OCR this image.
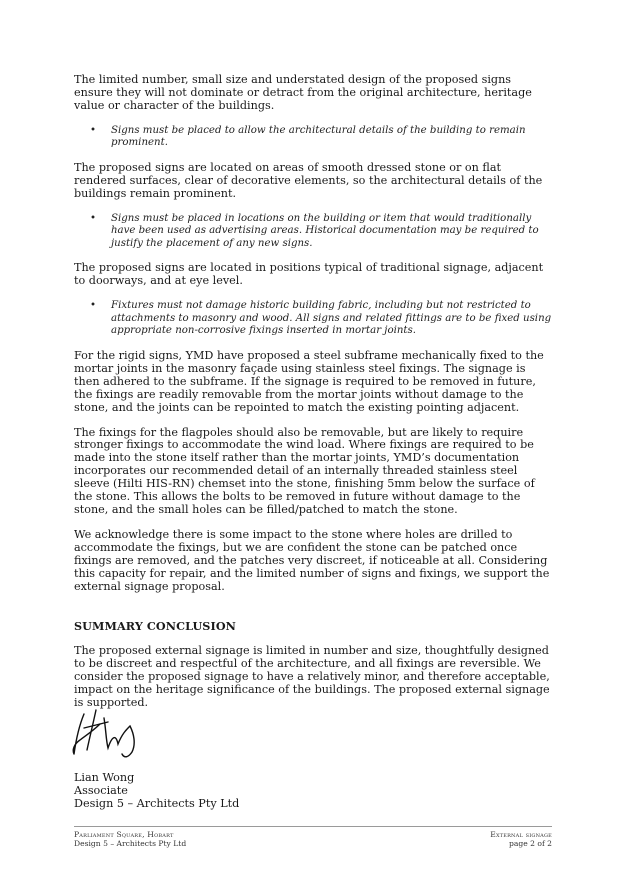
The limited number, small size and understated design of the proposed signs ensure they will not dominate or detract from the original architecture, heritage value or character of the buildings.

• Signs must be placed to allow the architectural details of the building to remain prominent.

The proposed signs are located on areas of smooth dressed stone or on flat rendered surfaces, clear of decorative elements, so the architectural details of the buildings remain prominent.

• Signs must be placed in locations on the building or item that would traditionally have been used as advertising areas. Historical documentation may be required to justify the placement of any new signs.

The proposed signs are located in positions typical of traditional signage, adjacent to doorways, and at eye level.

• Fixtures must not damage historic building fabric, including but not restricted to attachments to masonry and wood. All signs and related fittings are to be fixed using appropriate non-corrosive fixings inserted in mortar joints.

For the rigid signs, YMD have proposed a steel subframe mechanically fixed to the mortar joints in the masonry façade using stainless steel fixings. The signage is then adhered to the subframe. If the signage is required to be removed in future, the fixings are readily removable from the mortar joints without damage to the stone, and the joints can be repointed to match the existing pointing adjacent.

The fixings for the flagpoles should also be removable, but are likely to require stronger fixings to accommodate the wind load. Where fixings are required to be made into the stone itself rather than the mortar joints, YMD’s documentation incorporates our recommended detail of an internally threaded stainless steel sleeve (Hilti HIS-RN) chemset into the stone, finishing 5mm below the surface of the stone. This allows the bolts to be removed in future without damage to the stone, and the small holes can be filled/patched to match the stone.

We acknowledge there is some impact to the stone where holes are drilled to accommodate the fixings, but we are confident the stone can be patched once fixings are removed, and the patches very discreet, if noticeable at all. Considering this capacity for repair, and the limited number of signs and fixings, we support the external signage proposal.

SUMMARY CONCLUSION

The proposed external signage is limited in number and size, thoughtfully designed to be discreet and respectful of the architecture, and all fixings are reversible. We consider the proposed signage to have a relatively minor, and therefore acceptable, impact on the heritage significance of the buildings. The proposed external signage is supported.

Lian Wong
Associate
Design 5 – Architects Pty Ltd
Parliament Square, Hobart
Design 5 – Architects Pty Ltd
External signage
page 2 of 2
